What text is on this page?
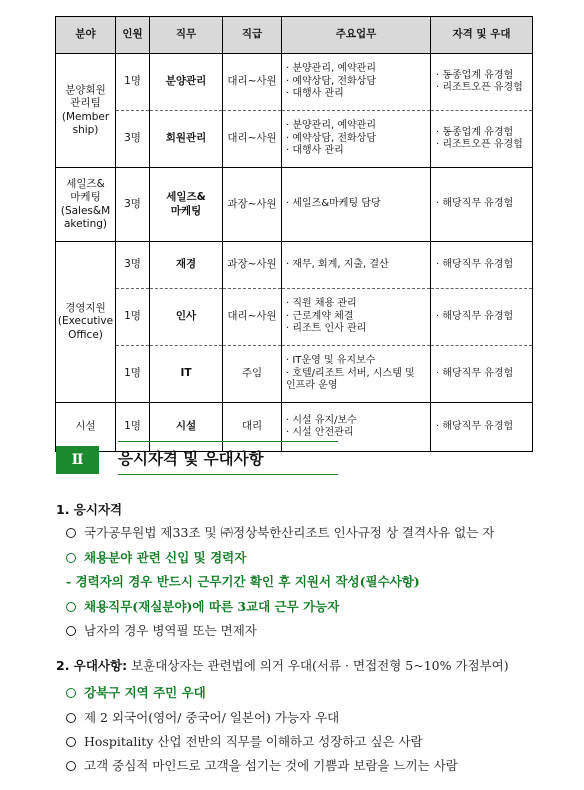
분야	인원	직무	직급	주요업무	자격 및 우대

분양회원
관리팀
(Member
ship)	1명	분양관리	대리~사원	· 분양관리, 예약관리
· 예약상담, 전화상담
· 대행사 관리	· 동종업계 유경험
· 리조트오픈 유경험

	3명	회원관리	대리~사원	· 분양관리, 예약관리
· 예약상담, 전화상담
· 대행사 관리	· 동종업계 유경험
· 리조트오픈 유경험

세일즈&
마케팅
(Sales&M
aketing)	3명	세일즈&
마케팅	과장~사원	· 세일즈&마케팅 담당	· 해당직무 유경험

경영지원
(Executive
Office)	3명	재경	과장~사원	· 재무, 회계, 지출, 결산	· 해당직무 유경험

	1명	인사	대리~사원	· 직원 채용 관리
· 근로계약 체결
· 리조트 인사 관리	· 해당직무 유경험

	1명	IT	주임	· IT운영 및 유지보수
· 호텔/리조트 서버, 시스템 및
인프라 운영	· 해당직무 유경험

시설	1명	시설	대리	· 시설 유지/보수
· 시설 안전관리	· 해당직무 유경험
Ⅱ	응시자격 및 우대사항
1. 응시자격
국가공무원법 제33조 및 ㈜정상북한산리조트 인사규정 상 결격사유 없는 자
채용분야 관련 신입 및 경력자
- 경력자의 경우 반드시 근무기간 확인 후 지원서 작성(필수사항)
채용직무(재실분야)에 따른 3교대 근무 가능자
남자의 경우 병역필 또는 면제자
2. 우대사항: 보훈대상자는 관련법에 의거 우대(서류 · 면접전형 5~10% 가점부여)
강북구 지역 주민 우대
제 2 외국어(영어/ 중국어/ 일본어) 가능자 우대
Hospitality 산업 전반의 직무를 이해하고 성장하고 싶은 사람
고객 중심적 마인드로 고객을 섬기는 것에 기쁨과 보람을 느끼는 사람
